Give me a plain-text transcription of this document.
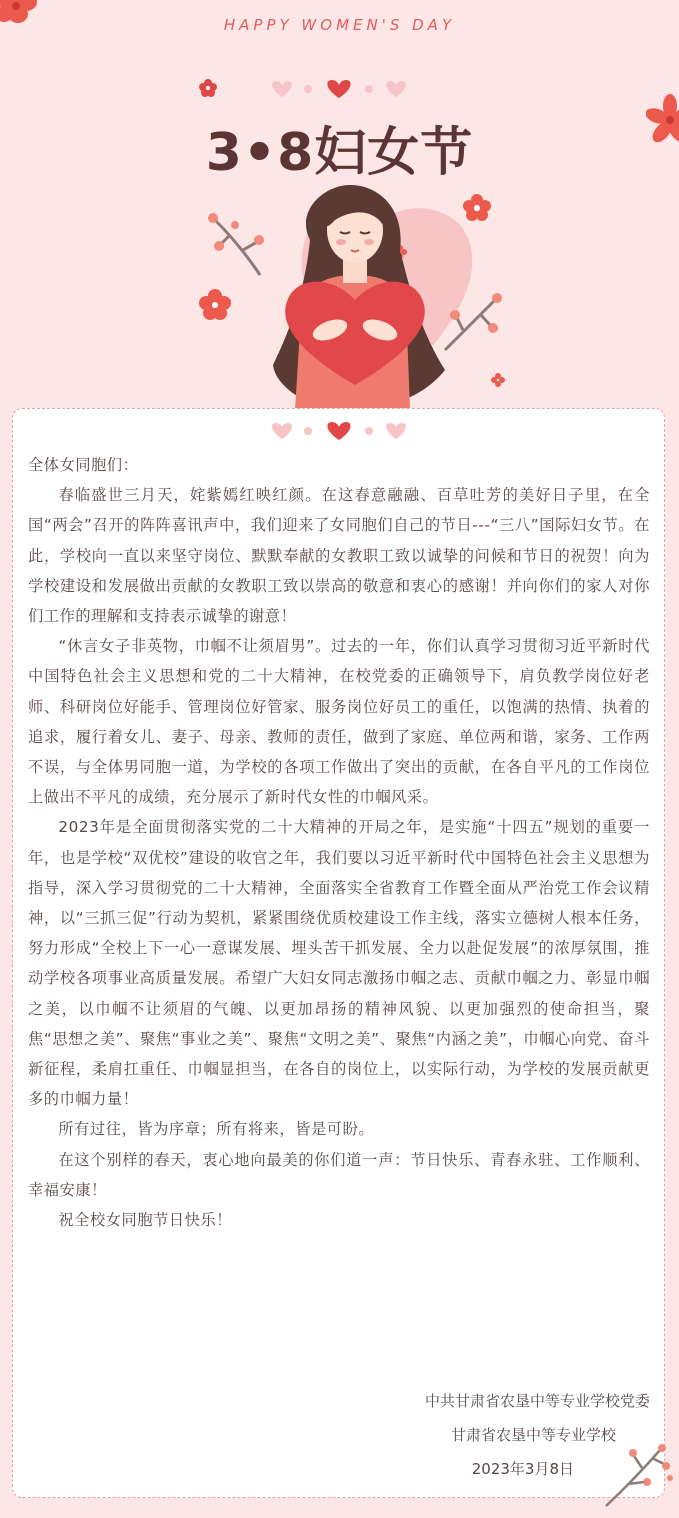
HAPPY WOMEN'S DAY
3•8妇女节

全体女同胞们：

春临盛世三月天，姹紫嫣红映红颜。在这春意融融、百草吐芳的美好日子里，在全国“两会”召开的阵阵喜讯声中，我们迎来了女同胞们自己的节日---“三八”国际妇女节。在此，学校向一直以来坚守岗位、默默奉献的女教职工致以诚挚的问候和节日的祝贺！向为学校建设和发展做出贡献的女教职工致以崇高的敬意和衷心的感谢！并向你们的家人对你们工作的理解和支持表示诚挚的谢意！

“休言女子非英物，巾帼不让须眉男”。过去的一年，你们认真学习贯彻习近平新时代中国特色社会主义思想和党的二十大精神，在校党委的正确领导下，肩负教学岗位好老师、科研岗位好能手、管理岗位好管家、服务岗位好员工的重任，以饱满的热情、执着的追求，履行着女儿、妻子、母亲、教师的责任，做到了家庭、单位两和谐，家务、工作两不误，与全体男同胞一道，为学校的各项工作做出了突出的贡献，在各自平凡的工作岗位上做出不平凡的成绩，充分展示了新时代女性的巾帼风采。

2023年是全面贯彻落实党的二十大精神的开局之年，是实施“十四五”规划的重要一年，也是学校“双优校”建设的收官之年，我们要以习近平新时代中国特色社会主义思想为指导，深入学习贯彻党的二十大精神，全面落实全省教育工作暨全面从严治党工作会议精神，以“三抓三促”行动为契机，紧紧围绕优质校建设工作主线，落实立德树人根本任务，努力形成“全校上下一心一意谋发展、埋头苦干抓发展、全力以赴促发展”的浓厚氛围，推动学校各项事业高质量发展。希望广大妇女同志激扬巾帼之志、贡献巾帼之力、彰显巾帼之美，以巾帼不让须眉的气魄、以更加昂扬的精神风貌、以更加强烈的使命担当，聚焦“思想之美”、聚焦“事业之美”、聚焦“文明之美”、聚焦“内涵之美”，巾帼心向党、奋斗新征程，柔肩扛重任、巾帼显担当，在各自的岗位上，以实际行动，为学校的发展贡献更多的巾帼力量！

所有过往，皆为序章；所有将来，皆是可盼。

在这个别样的春天，衷心地向最美的你们道一声：节日快乐、青春永驻、工作顺利、幸福安康！

祝全校女同胞节日快乐！

中共甘肃省农垦中等专业学校党委
甘肃省农垦中等专业学校
2023年3月8日
